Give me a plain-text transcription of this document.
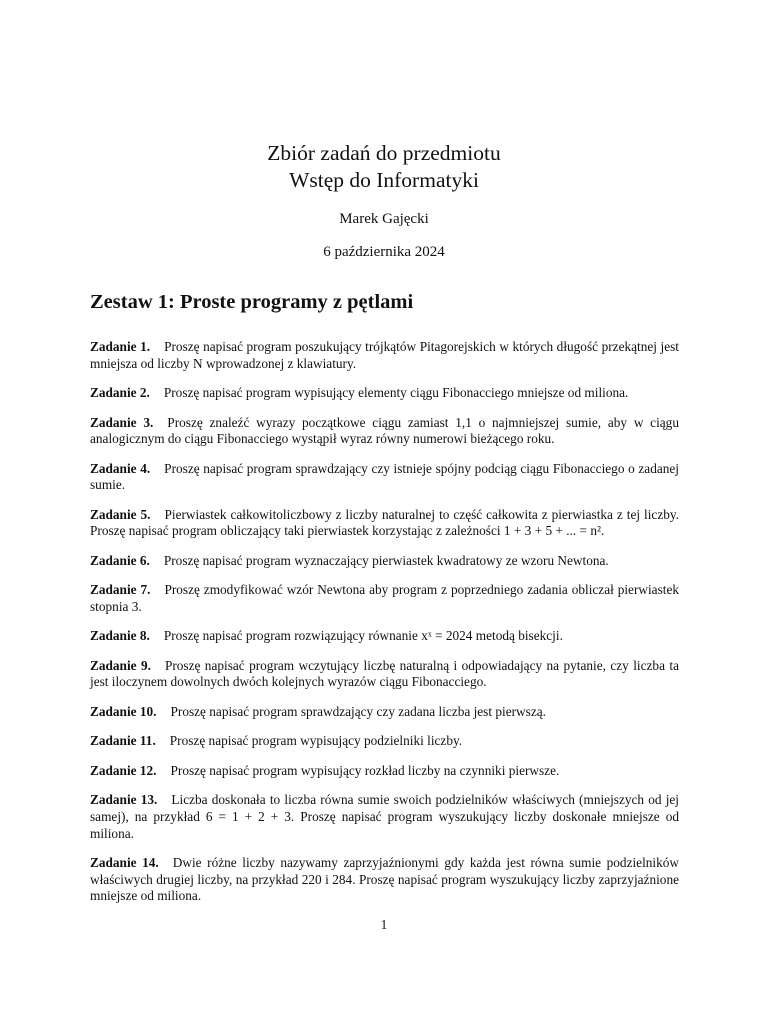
Zbiór zadań do przedmiotu
Wstęp do Informatyki
Marek Gajęcki
6 października 2024
Zestaw 1: Proste programy z pętlami
Zadanie 1. Proszę napisać program poszukujący trójkątów Pitagorejskich w których długość przekątnej jest mniejsza od liczby N wprowadzonej z klawiatury.
Zadanie 2. Proszę napisać program wypisujący elementy ciągu Fibonacciego mniejsze od miliona.
Zadanie 3. Proszę znaleźć wyrazy początkowe ciągu zamiast 1,1 o najmniejszej sumie, aby w ciągu analogicznym do ciągu Fibonacciego wystąpił wyraz równy numerowi bieżącego roku.
Zadanie 4. Proszę napisać program sprawdzający czy istnieje spójny podciąg ciągu Fibonacciego o zadanej sumie.
Zadanie 5. Pierwiastek całkowitoliczbowy z liczby naturalnej to część całkowita z pierwiastka z tej liczby. Proszę napisać program obliczający taki pierwiastek korzystając z zależności 1 + 3 + 5 + ... = n².
Zadanie 6. Proszę napisać program wyznaczający pierwiastek kwadratowy ze wzoru Newtona.
Zadanie 7. Proszę zmodyfikować wzór Newtona aby program z poprzedniego zadania obliczał pierwiastek stopnia 3.
Zadanie 8. Proszę napisać program rozwiązujący równanie xˣ = 2024 metodą bisekcji.
Zadanie 9. Proszę napisać program wczytujący liczbę naturalną i odpowiadający na pytanie, czy liczba ta jest iloczynem dowolnych dwóch kolejnych wyrazów ciągu Fibonacciego.
Zadanie 10. Proszę napisać program sprawdzający czy zadana liczba jest pierwszą.
Zadanie 11. Proszę napisać program wypisujący podzielniki liczby.
Zadanie 12. Proszę napisać program wypisujący rozkład liczby na czynniki pierwsze.
Zadanie 13. Liczba doskonała to liczba równa sumie swoich podzielników właściwych (mniejszych od jej samej), na przykład 6 = 1 + 2 + 3. Proszę napisać program wyszukujący liczby doskonałe mniejsze od miliona.
Zadanie 14. Dwie różne liczby nazywamy zaprzyjaźnionymi gdy każda jest równa sumie podzielników właściwych drugiej liczby, na przykład 220 i 284. Proszę napisać program wyszukujący liczby zaprzyjaźnione mniejsze od miliona.
1
